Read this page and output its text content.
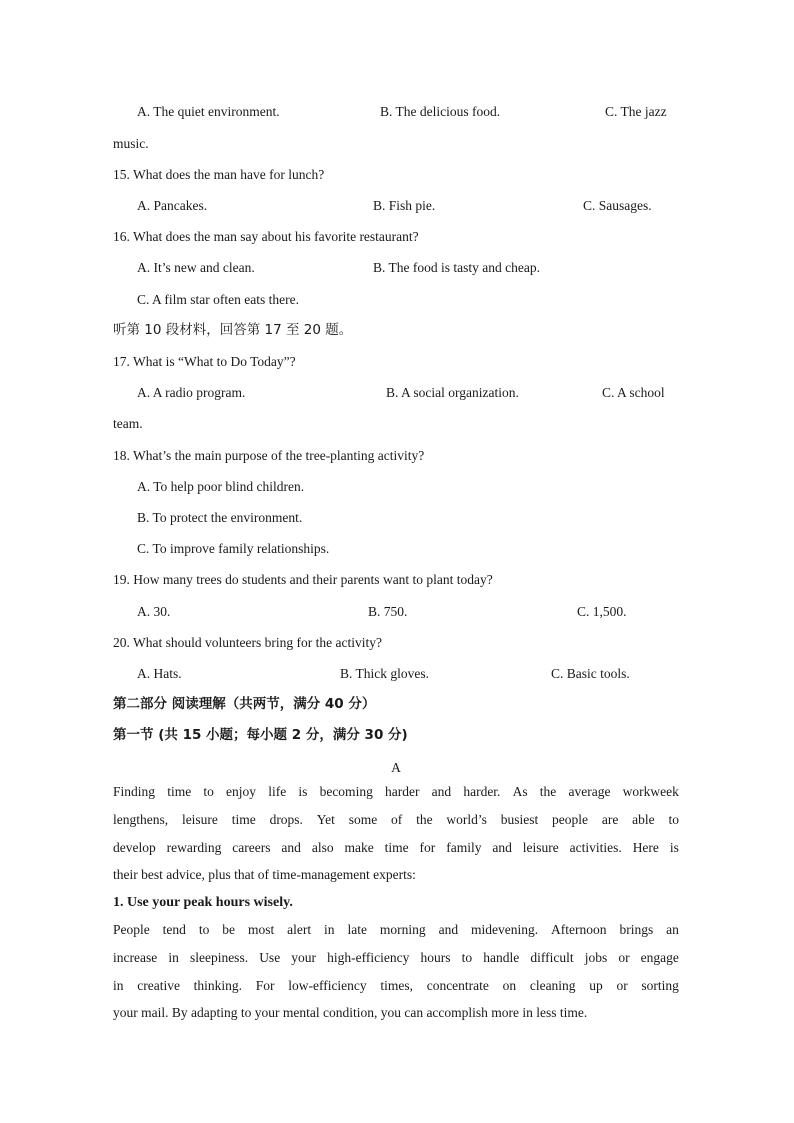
A. The quiet environment.	B. The delicious food.	C. The jazz
music.
15. What does the man have for lunch?
A. Pancakes.	B. Fish pie.	C. Sausages.
16. What does the man say about his favorite restaurant?
A. It’s new and clean.	B. The food is tasty and cheap.
C. A film star often eats there.
听第 10 段材料，回答第 17 至 20 题。
17. What is “What to Do Today”?
A. A radio program.	B. A social organization.	C. A school
team.
18. What’s the main purpose of the tree-planting activity?
A. To help poor blind children.
B. To protect the environment.
C. To improve family relationships.
19. How many trees do students and their parents want to plant today?
A. 30.	B. 750.	C. 1,500.
20. What should volunteers bring for the activity?
A. Hats.	B. Thick gloves.	C. Basic tools.
第二部分 阅读理解（共两节，满分 40 分）
第一节 (共 15 小题；每小题 2 分，满分 30 分)
A
Finding time to enjoy life is becoming harder and harder. As the average workweek
lengthens, leisure time drops. Yet some of the world’s busiest people are able to
develop rewarding careers and also make time for family and leisure activities. Here is
their best advice, plus that of time-management experts:
1. Use your peak hours wisely.
People tend to be most alert in late morning and midevening. Afternoon brings an
increase in sleepiness. Use your high-efficiency hours to handle difficult jobs or engage
in creative thinking. For low-efficiency times, concentrate on cleaning up or sorting
your mail. By adapting to your mental condition, you can accomplish more in less time.
